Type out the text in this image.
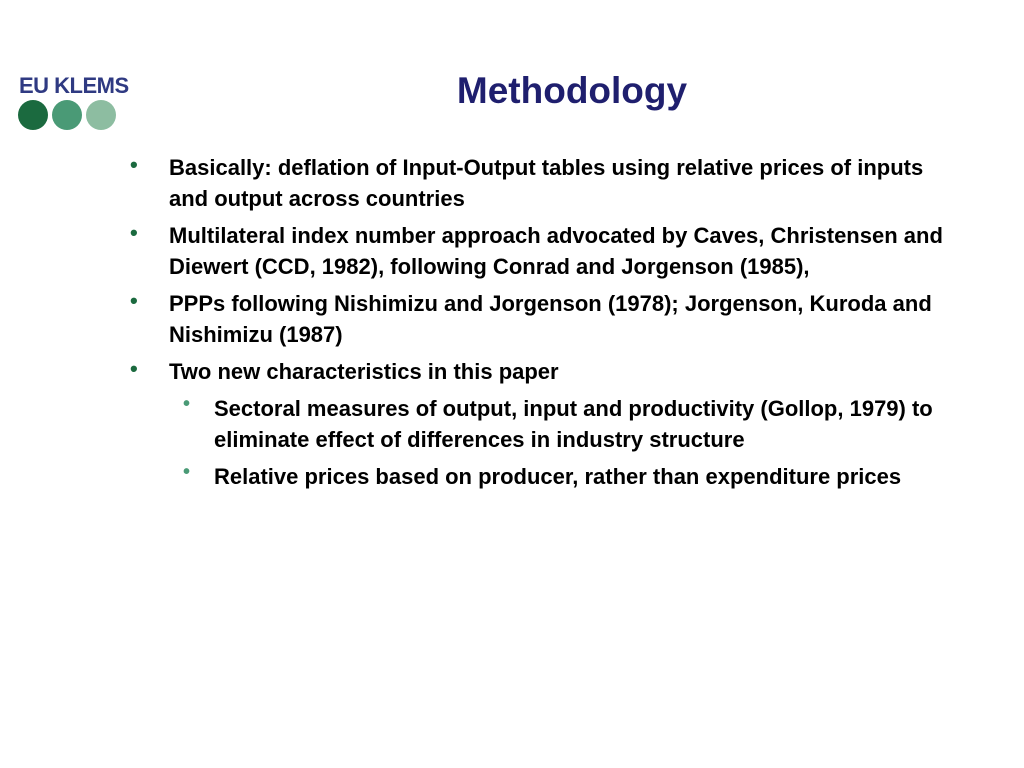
EU KLEMS	Methodology
• Basically: deflation of Input-Output tables using relative prices of inputs and output across countries
• Multilateral index number approach advocated by Caves, Christensen and Diewert (CCD, 1982), following Conrad and Jorgenson (1985),
• PPPs following Nishimizu and Jorgenson (1978); Jorgenson, Kuroda and Nishimizu (1987)
• Two new characteristics in this paper
• Sectoral measures of output, input and productivity (Gollop, 1979) to eliminate effect of differences in industry structure
• Relative prices based on producer, rather than expenditure prices
